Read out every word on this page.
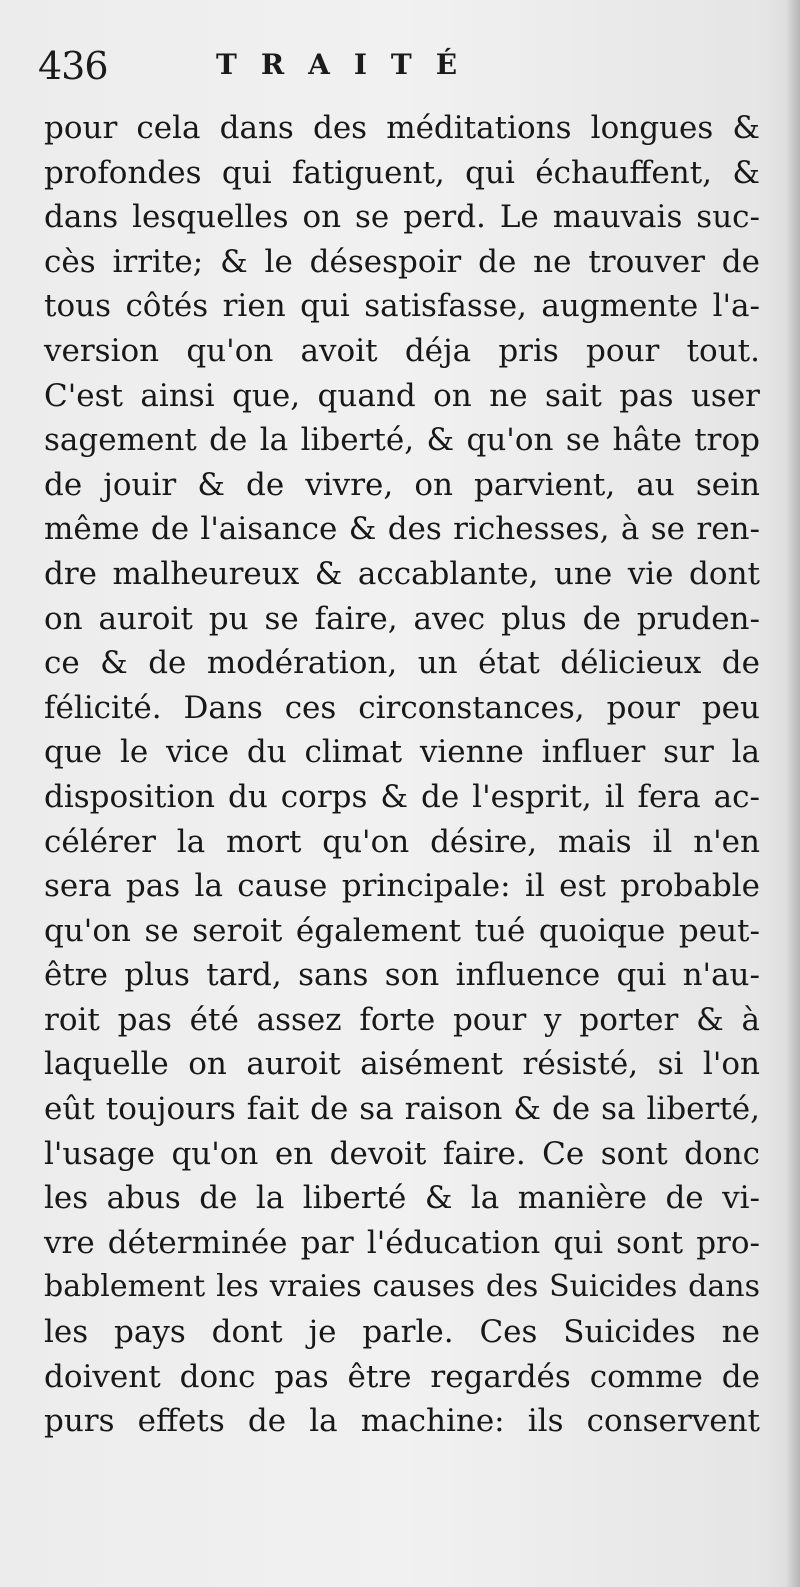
436	TRAITÉ
pour cela dans des méditations longues &
profondes qui fatiguent, qui échauffent, &
dans lesquelles on se perd. Le mauvais suc-
cès irrite; & le désespoir de ne trouver de
tous côtés rien qui satisfasse, augmente l'a-
version qu'on avoit déja pris pour tout.
C'est ainsi que, quand on ne sait pas user
sagement de la liberté, & qu'on se hâte trop
de jouir & de vivre, on parvient, au sein
même de l'aisance & des richesses, à se ren-
dre malheureux & accablante, une vie dont
on auroit pu se faire, avec plus de pruden-
ce & de modération, un état délicieux de
félicité. Dans ces circonstances, pour peu
que le vice du climat vienne influer sur la
disposition du corps & de l'esprit, il fera ac-
célérer la mort qu'on désire, mais il n'en
sera pas la cause principale: il est probable
qu'on se seroit également tué quoique peut-
être plus tard, sans son influence qui n'au-
roit pas été assez forte pour y porter & à
laquelle on auroit aisément résisté, si l'on
eût toujours fait de sa raison & de sa liberté,
l'usage qu'on en devoit faire. Ce sont donc
les abus de la liberté & la manière de vi-
vre déterminée par l'éducation qui sont pro-
bablement les vraies causes des Suicides dans
les pays dont je parle. Ces Suicides ne
doivent donc pas être regardés comme de
purs effets de la machine: ils conservent
